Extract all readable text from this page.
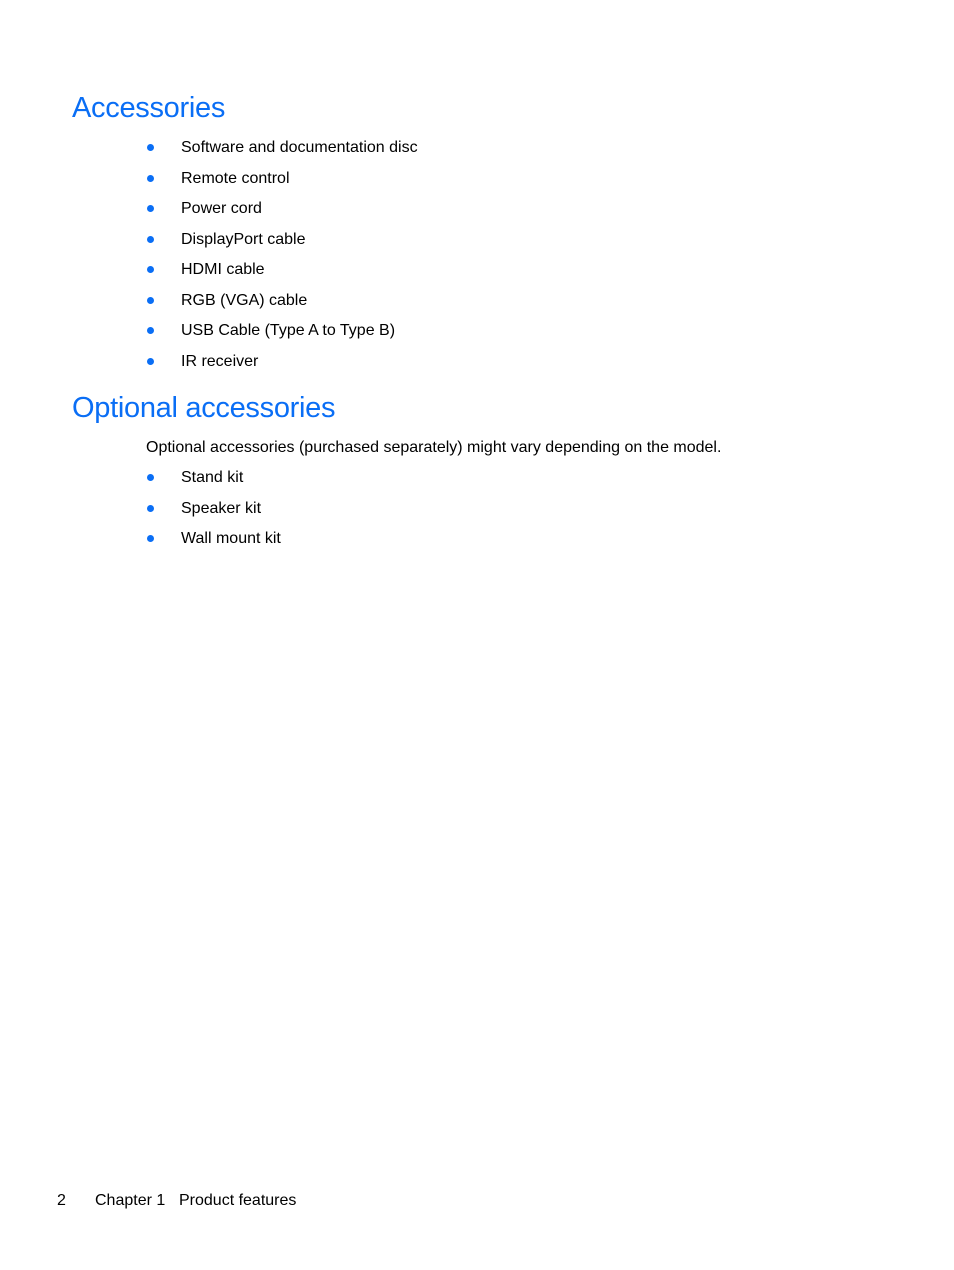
Accessories
Software and documentation disc
Remote control
Power cord
DisplayPort cable
HDMI cable
RGB (VGA) cable
USB Cable (Type A to Type B)
IR receiver
Optional accessories

Optional accessories (purchased separately) might vary depending on the model.

Stand kit
Speaker kit
Wall mount kit
2 Chapter 1 Product features
